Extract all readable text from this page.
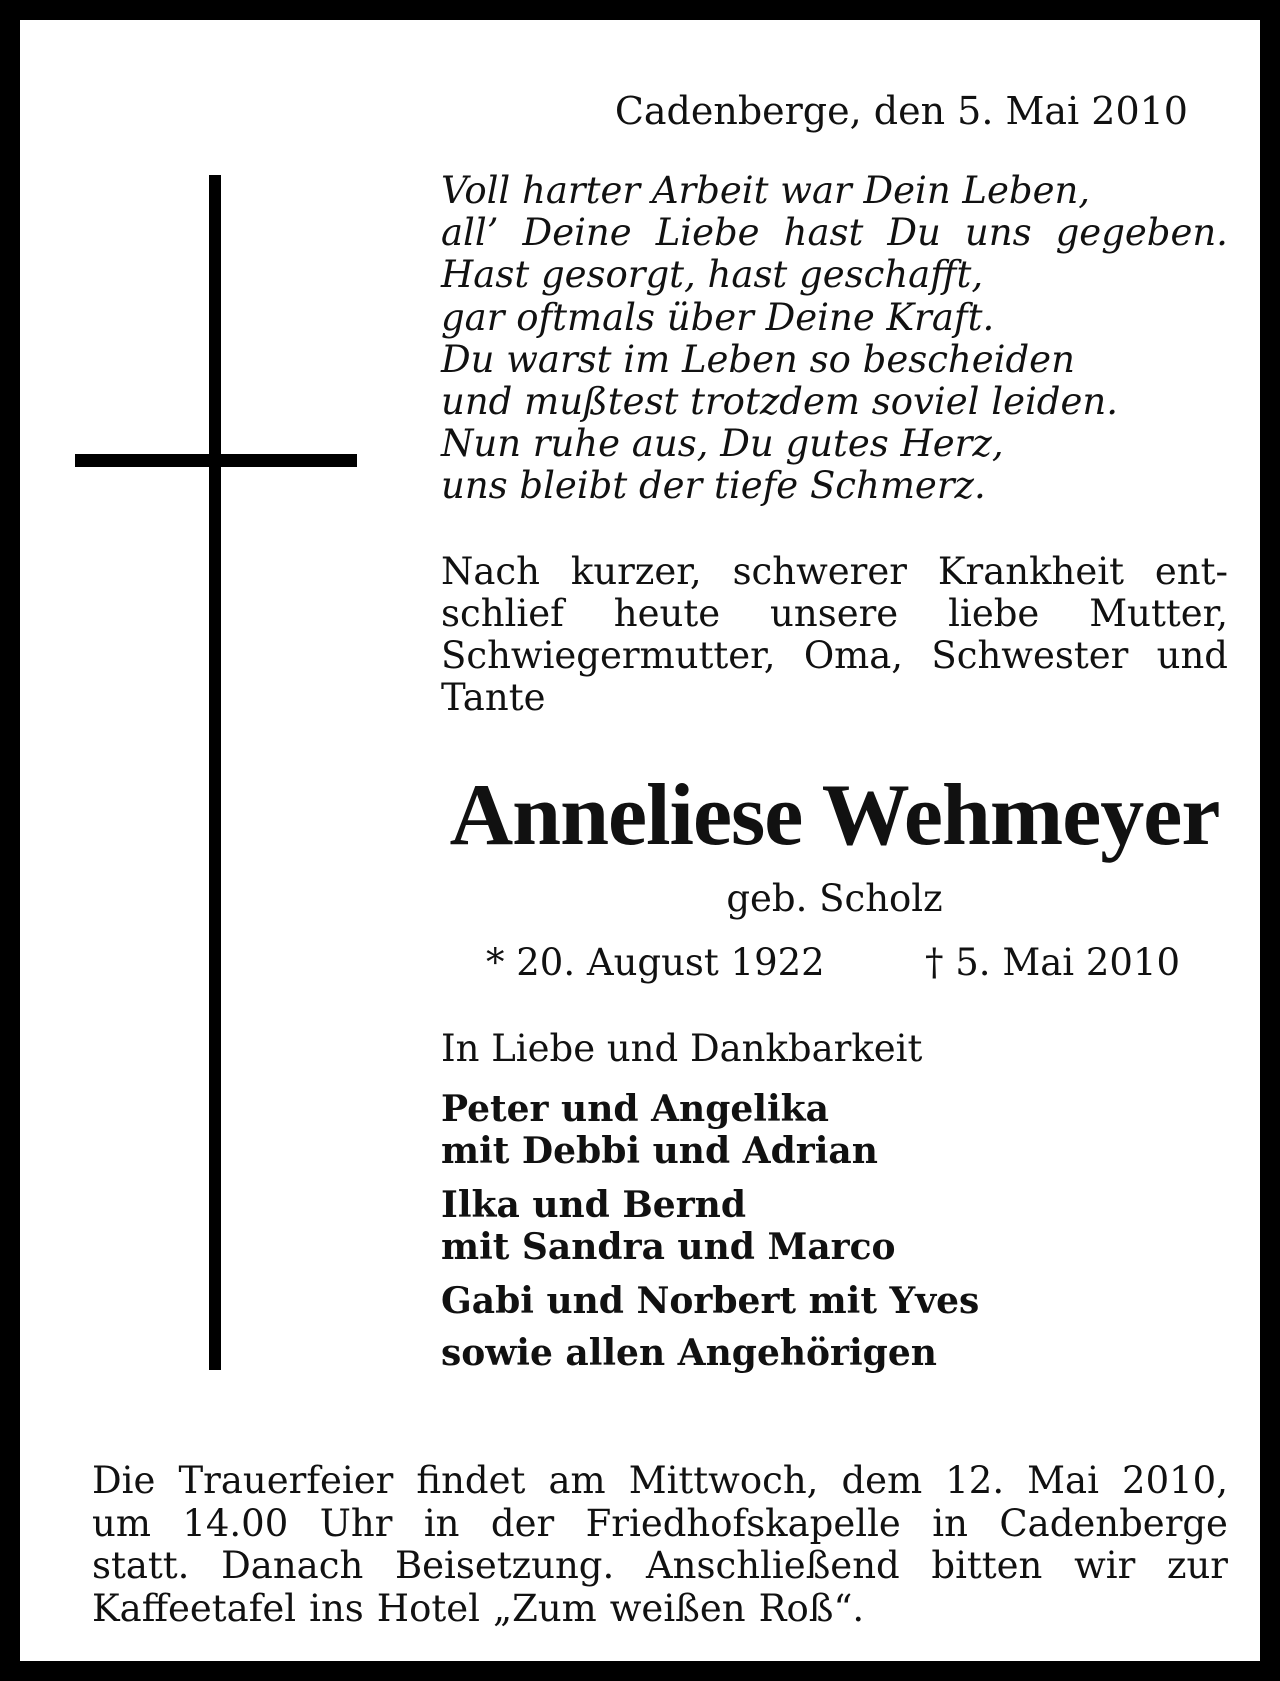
Cadenberge, den 5. Mai 2010
Voll harter Arbeit war Dein Leben,
all’ Deine Liebe hast Du uns gegeben.
Hast gesorgt, hast geschafft,
gar oftmals über Deine Kraft.
Du warst im Leben so bescheiden
und mußtest trotzdem soviel leiden.
Nun ruhe aus, Du gutes Herz,
uns bleibt der tiefe Schmerz.
Nach kurzer, schwerer Krankheit entschlief heute unsere liebe Mutter, Schwiegermutter, Oma, Schwester und Tante
Anneliese Wehmeyer
geb. Scholz
* 20. August 1922	† 5. Mai 2010
In Liebe und Dankbarkeit
Peter und Angelika
mit Debbi und Adrian
Ilka und Bernd
mit Sandra und Marco
Gabi und Norbert mit Yves
sowie allen Angehörigen
Die Trauerfeier findet am Mittwoch, dem 12. Mai 2010,
um 14.00 Uhr in der Friedhofskapelle in Cadenberge
statt. Danach Beisetzung. Anschließend bitten wir zur
Kaffeetafel ins Hotel „Zum weißen Roß“.
